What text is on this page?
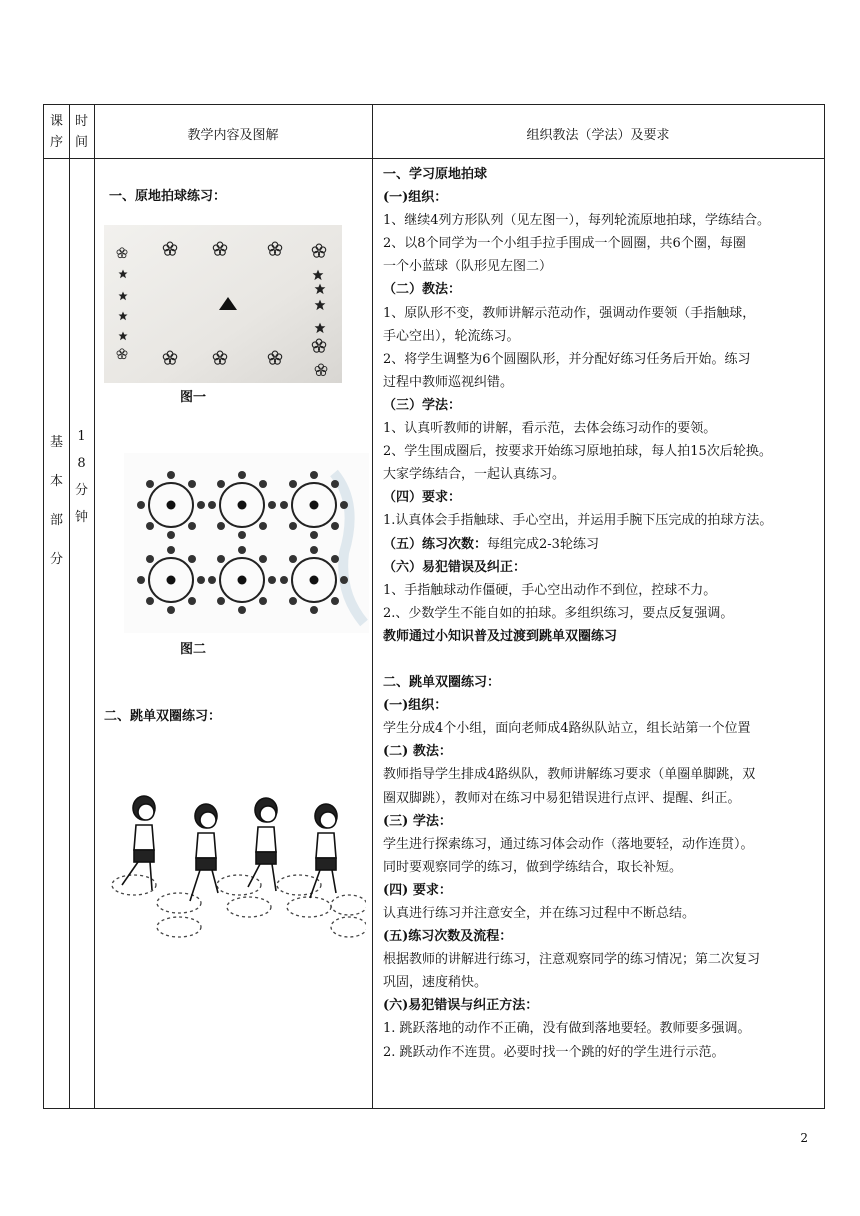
课
序
时
间	教学内容及图解	组织教法（学法）及要求
基
本
部
分
1
8
分
钟
一、原地拍球练习：
图一
图二
二、跳单双圈练习：
一、学习原地拍球
(一)组织：
1、继续4列方形队列（见左图一），每列轮流原地拍球，学练结合。
2、以8个同学为一个小组手拉手围成一个圆圈，共6个圈，每圈
一个小蓝球（队形见左图二）
（二）教法：
1、原队形不变，教师讲解示范动作，强调动作要领（手指触球，
手心空出），轮流练习。
2、将学生调整为6个圆圈队形，并分配好练习任务后开始。练习
过程中教师巡视纠错。
（三）学法：
1、认真听教师的讲解，看示范，去体会练习动作的要领。
2、学生围成圈后，按要求开始练习原地拍球，每人拍15次后轮换。
大家学练结合，一起认真练习。
（四）要求：
1.认真体会手指触球、手心空出，并运用手腕下压完成的拍球方法。
（五）练习次数：每组完成2-3轮练习
（六）易犯错误及纠正：
1、手指触球动作僵硬，手心空出动作不到位，控球不力。
2.、少数学生不能自如的拍球。多组织练习，要点反复强调。
教师通过小知识普及过渡到跳单双圈练习

二、跳单双圈练习：
(一)组织：
学生分成4个小组，面向老师成4路纵队站立，组长站第一个位置
(二) 教法：
教师指导学生排成4路纵队，教师讲解练习要求（单圈单脚跳，双
圈双脚跳），教师对在练习中易犯错误进行点评、提醒、纠正。
(三) 学法：
学生进行探索练习，通过练习体会动作（落地要轻，动作连贯）。
同时要观察同学的练习，做到学练结合，取长补短。
(四) 要求：
认真进行练习并注意安全，并在练习过程中不断总结。
(五)练习次数及流程：
根据教师的讲解进行练习，注意观察同学的练习情况；第二次复习
巩固，速度稍快。
(六)易犯错误与纠正方法：
1. 跳跃落地的动作不正确，没有做到落地要轻。教师要多强调。
2. 跳跃动作不连贯。必要时找一个跳的好的学生进行示范。
2
